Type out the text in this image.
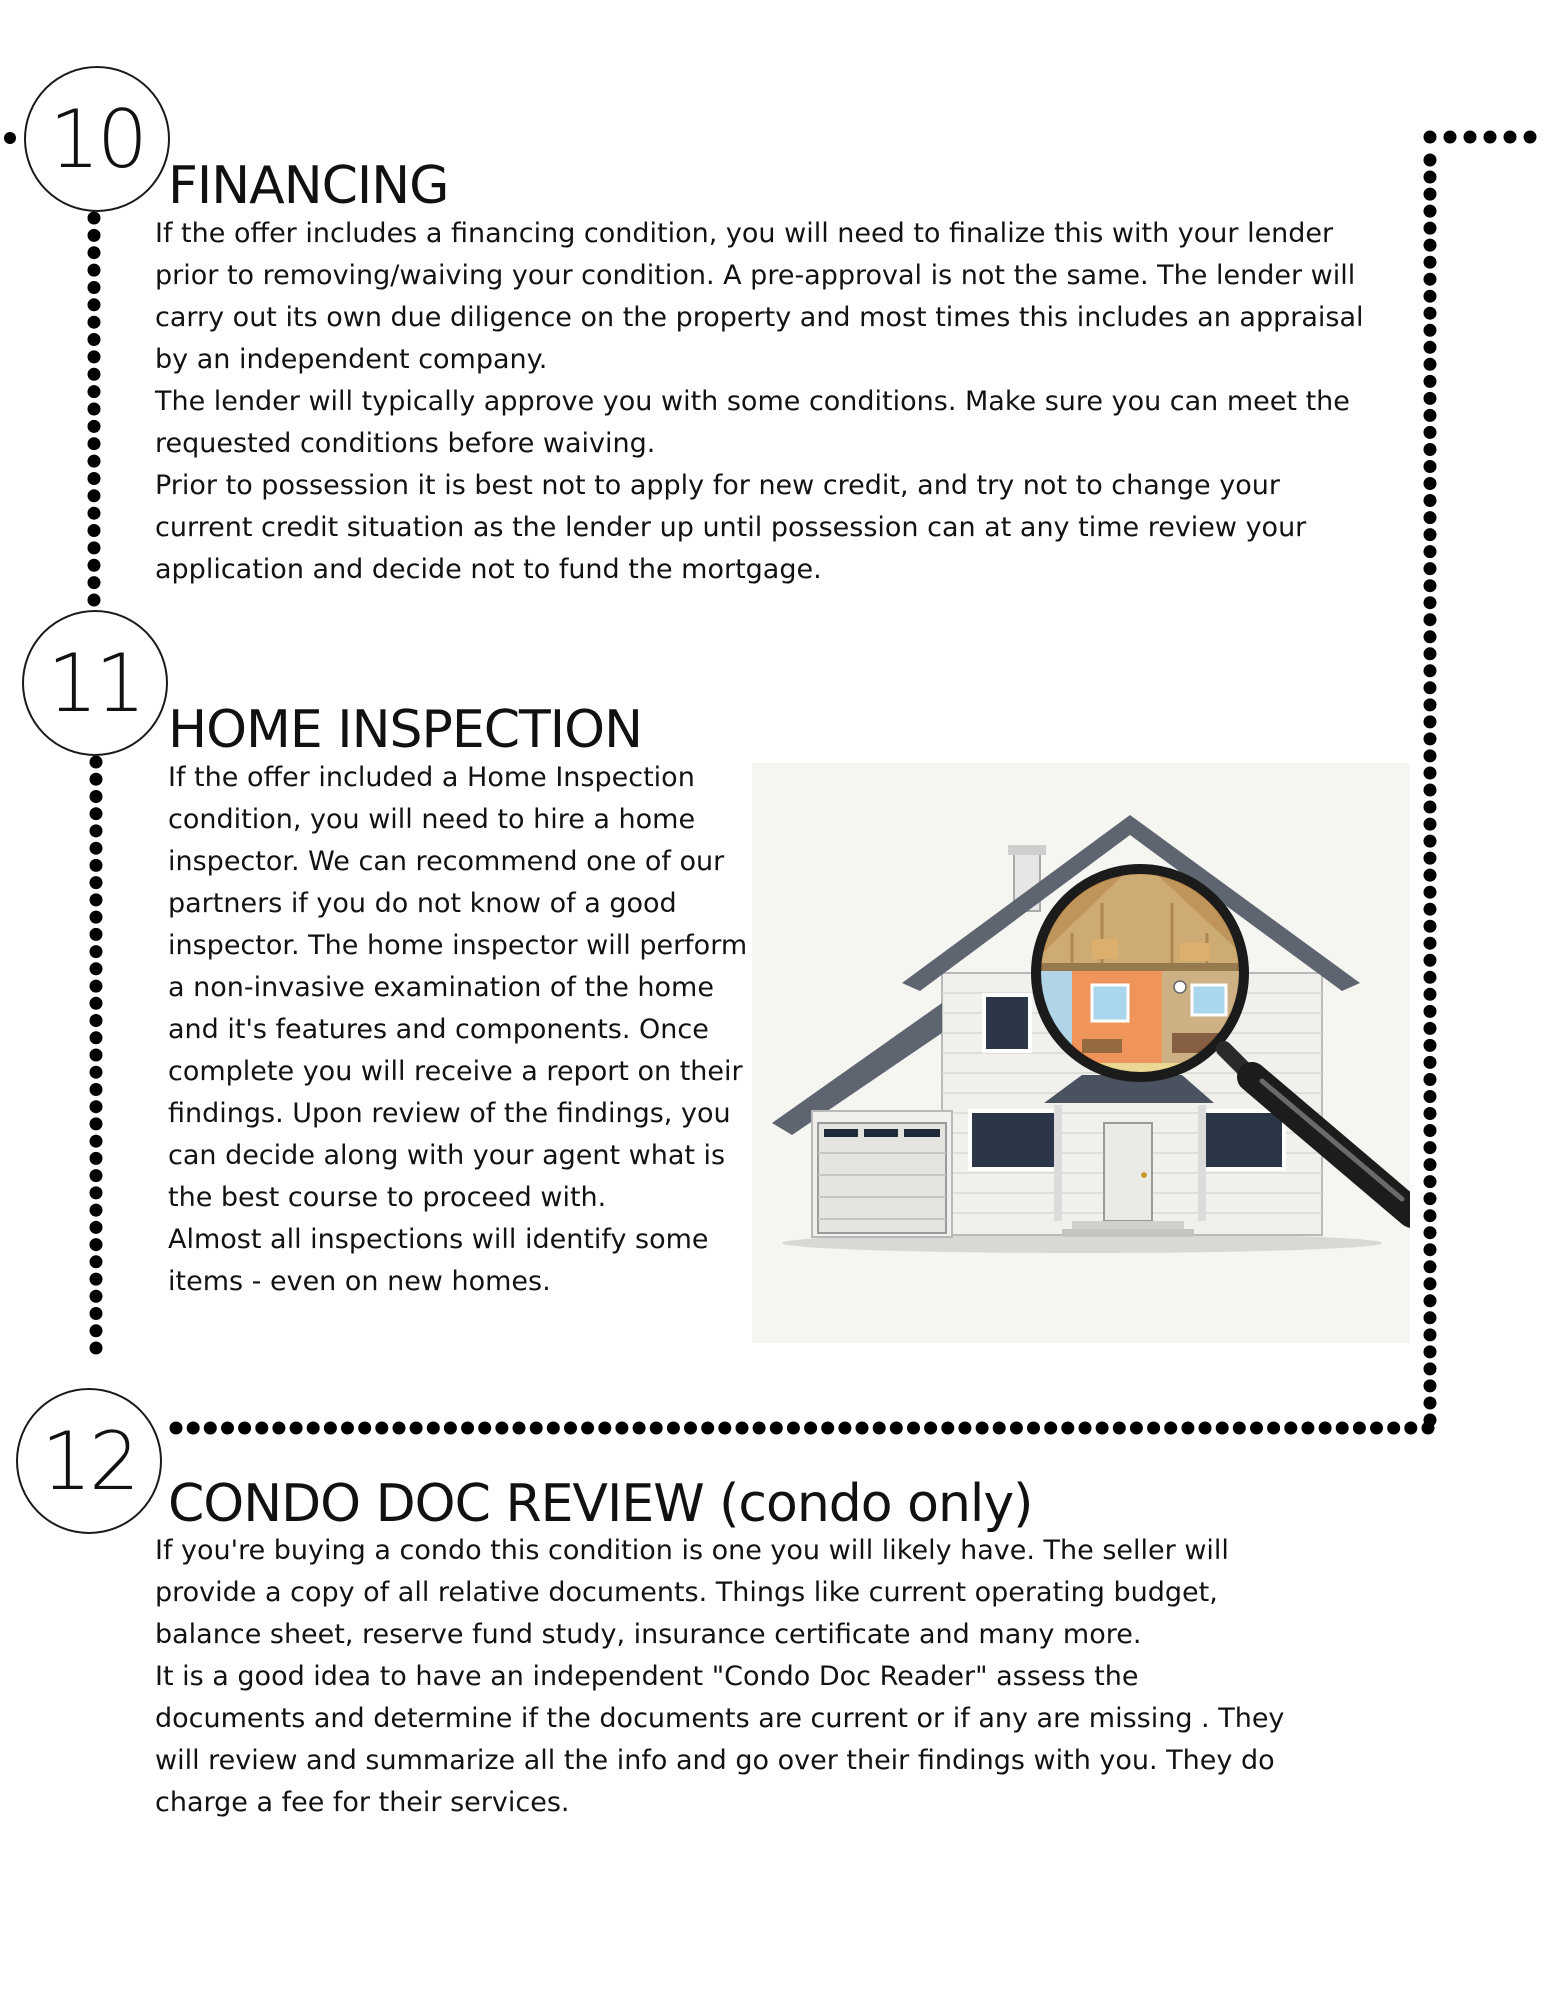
10
FINANCING

If the offer includes a financing condition, you will need to finalize this with your lender prior to removing/waiving your condition. A pre-approval is not the same. The lender will carry out its own due diligence on the property and most times this includes an appraisal by an independent company.

The lender will typically approve you with some conditions. Make sure you can meet the requested conditions before waiving.

Prior to possession it is best not to apply for new credit, and try not to change your current credit situation as the lender up until possession can at any time review your application and decide not to fund the mortgage.

11
HOME INSPECTION

If the offer included a Home Inspection condition, you will need to hire a home inspector. We can recommend one of our partners if you do not know of a good inspector. The home inspector will perform a non-invasive examination of the home and it's features and components. Once complete you will receive a report on their findings. Upon review of the findings, you can decide along with your agent what is the best course to proceed with.

Almost all inspections will identify some items - even on new homes.

12 CONDO DOC REVIEW (condo only)

If you're buying a condo this condition is one you will likely have. The seller will provide a copy of all relative documents. Things like current operating budget, balance sheet, reserve fund study, insurance certificate and many more.

It is a good idea to have an independent "Condo Doc Reader" assess the documents and determine if the documents are current or if any are missing . They will review and summarize all the info and go over their findings with you. They do charge a fee for their services.
